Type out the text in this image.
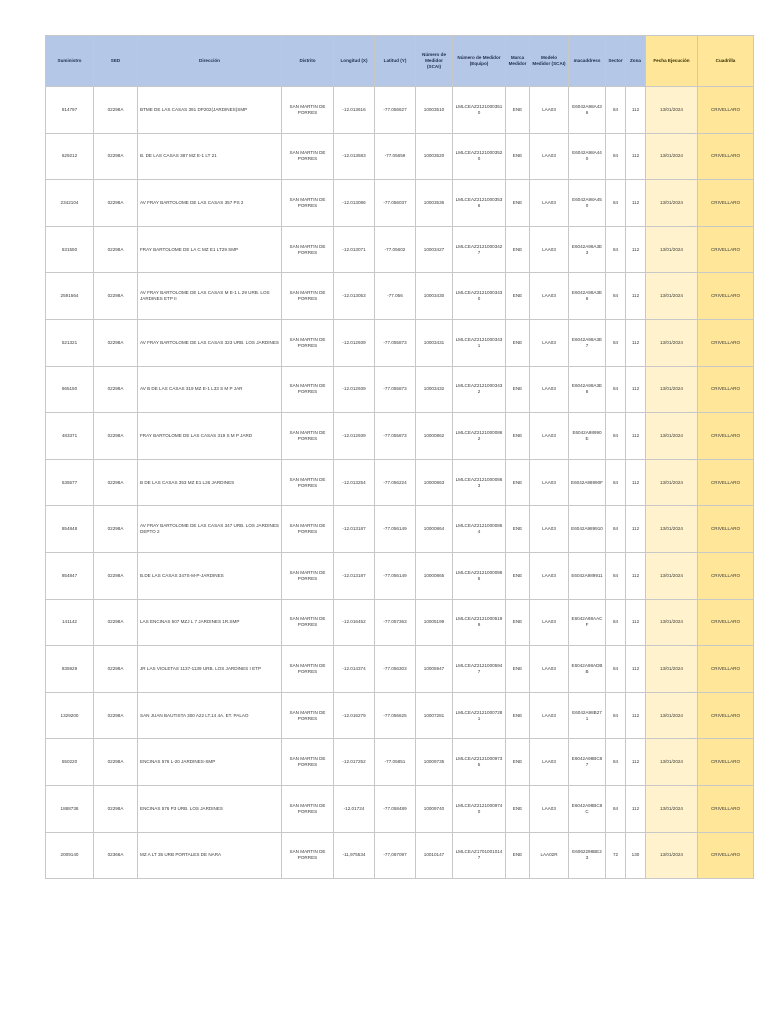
Suministro	SED	Dirección	Distrito	Longitud (X)	Latitud (Y)	Número de Medidor (SCAI)	Número de Medidor (Equipo)	Marca Medidor	Modelo Medidor (SCAI)	macaddress	Sector	Zona	Fecha Ejecución	Cuadrilla
814797	02298A	BTME DE LAS CASAS 391 DP202(JARDINES)SMP	SAN MARTIN DE PORRES	-12.013616	-77.056627	10003510	LMLCEAZ21210003510	ENE	LAA03	E6042A98A436	84	112	13/01/2024	CRIVELLARO
629212	02298A	B. DE LAS CASAS 387 MZ E-1 LT 21	SAN MARTIN DE PORRES	-12.013583	-77.05659	10003520	LMLCEAZ21210003520	ENE	LAA03	E6042A98A440	84	112	13/01/2024	CRIVELLARO
2342104	02298A	AV FRAY BARTOLOME DE LAS CASAS 357 PS 2	SAN MARTIN DE PORRES	-12.013086	-77.056037	10003536	LMLCEAZ21210003536	ENE	LAA03	E6042A98A450	84	112	13/01/2024	CRIVELLARO
631550	02298A	FRAY BARTOLOME DE LA C MZ E1 LT29 SMP	SAN MARTIN DE PORRES	-12.013071	-77.05602	10003427	LMLCEAZ21210003427	ENE	LAA03	E6042A98A3E3	84	112	13/01/2024	CRIVELLARO
2591564	02298A	AV FRAY BARTOLOME DE LAS CASAS M E-1 L 29 URB. LOS JARDINES ETP II	SAN MARTIN DE PORRES	-12.013053	-77.056	10003430	LMLCEAZ21210003430	ENE	LAA03	E6042A98A3E6	84	112	13/01/2024	CRIVELLARO
521321	02298A	AV FRAY BARTOLOME DE LAS CASAS 323 URB. LOS JARDINES	SAN MARTIN DE PORRES	-12.012939	-77.055873	10003431	LMLCEAZ21210003431	ENE	LAA03	E6042A98A3E7	84	112	13/01/2024	CRIVELLARO
665150	02298A	AV B DE LAS CASAS 319 MZ E-1 L33 S M P JAR	SAN MARTIN DE PORRES	-12.012939	-77.055873	10003432	LMLCEAZ21210003432	ENE	LAA03	E6042A98A3E8	84	112	13/01/2024	CRIVELLARO
483371	02298A	FRAY BARTOLOME DE LAS CASAS 319 S M P JARD	SAN MARTIN DE PORRES	-12.012939	-77.055873	10000862	LMLCEAZ21210000862	ENE	LAA03	E6042A98990E	84	112	13/01/2024	CRIVELLARO
535577	02298A	B DE LAS CASAS 353 MZ E1 L26 JARDINES	SAN MARTIN DE PORRES	-12.013254	-77.056224	10000863	LMLCEAZ21210000863	ENE	LAA03	E6042A98990F	84	112	13/01/2024	CRIVELLARO
854848	02298A	AV FRAY BARTOLOME DE LAS CASAS 347 URB. LOS JARDINES DEPTO 2	SAN MARTIN DE PORRES	-12.013187	-77.056149	10000864	LMLCEAZ21210000864	ENE	LAA03	E6042A989910	84	112	13/01/2024	CRIVELLARO
854847	02298A	B.DE LAS CASAS 347S-M-P-JARDINES	SAN MARTIN DE PORRES	-12.013187	-77.056149	10000865	LMLCEAZ21210000865	ENE	LAA03	E6042A989911	84	112	13/01/2024	CRIVELLARO
141142	02298A	LAS ENCINAS 507 MZJ L 7 JARDINES 1R.SMP	SAN MARTIN DE PORRES	-12.016452	-77.057363	10005199	LMLCEAZ21210005199	ENE	LAA03	E6042A98AACF	84	112	13/01/2024	CRIVELLARO
835929	02298A	JR LAS VIOLETAS 1137-1139 URB. LOS JARDINES I ETP	SAN MARTIN DE PORRES	-12.014374	-77.056303	10005947	LMLCEAZ21210005947	ENE	LAA03	E6042A98ADBB	84	112	13/01/2024	CRIVELLARO
1329200	02298A	SAN JUAN BAUTISTA 300 A22 LT.14 4A. ET. PALAO	SAN MARTIN DE PORRES	-12.016279	-77.056625	10007281	LMLCEAZ21210007281	ENE	LAA03	E6042A98B271	84	112	13/01/2024	CRIVELLARO
550220	02298A	ENCINAS 576 L-20 JARDINES-SMP	SAN MARTIN DE PORRES	-12.017252	-77.05851	10009735	LMLCEAZ21210009735	ENE	LAA03	E6042A98BC87	84	112	13/01/2024	CRIVELLARO
1888738	02298A	ENCINAS 576 P3 URB. LOS JARDINES	SAN MARTIN DE PORRES	-12.01724	-77.058489	10009740	LMLCEAZ21210009740	ENE	LAA03	E6042A98BC8C	84	112	13/01/2024	CRIVELLARO
2009140	02366A	MZ A LT 35 URB PORTALES DE NARA	SAN MARTIN DE PORRES	-11,975534	-77,087097	10010147	LMLCEAZ17010010147	ENE	LAA02R	E6062298BE23	72	130	13/01/2024	CRIVELLARO
